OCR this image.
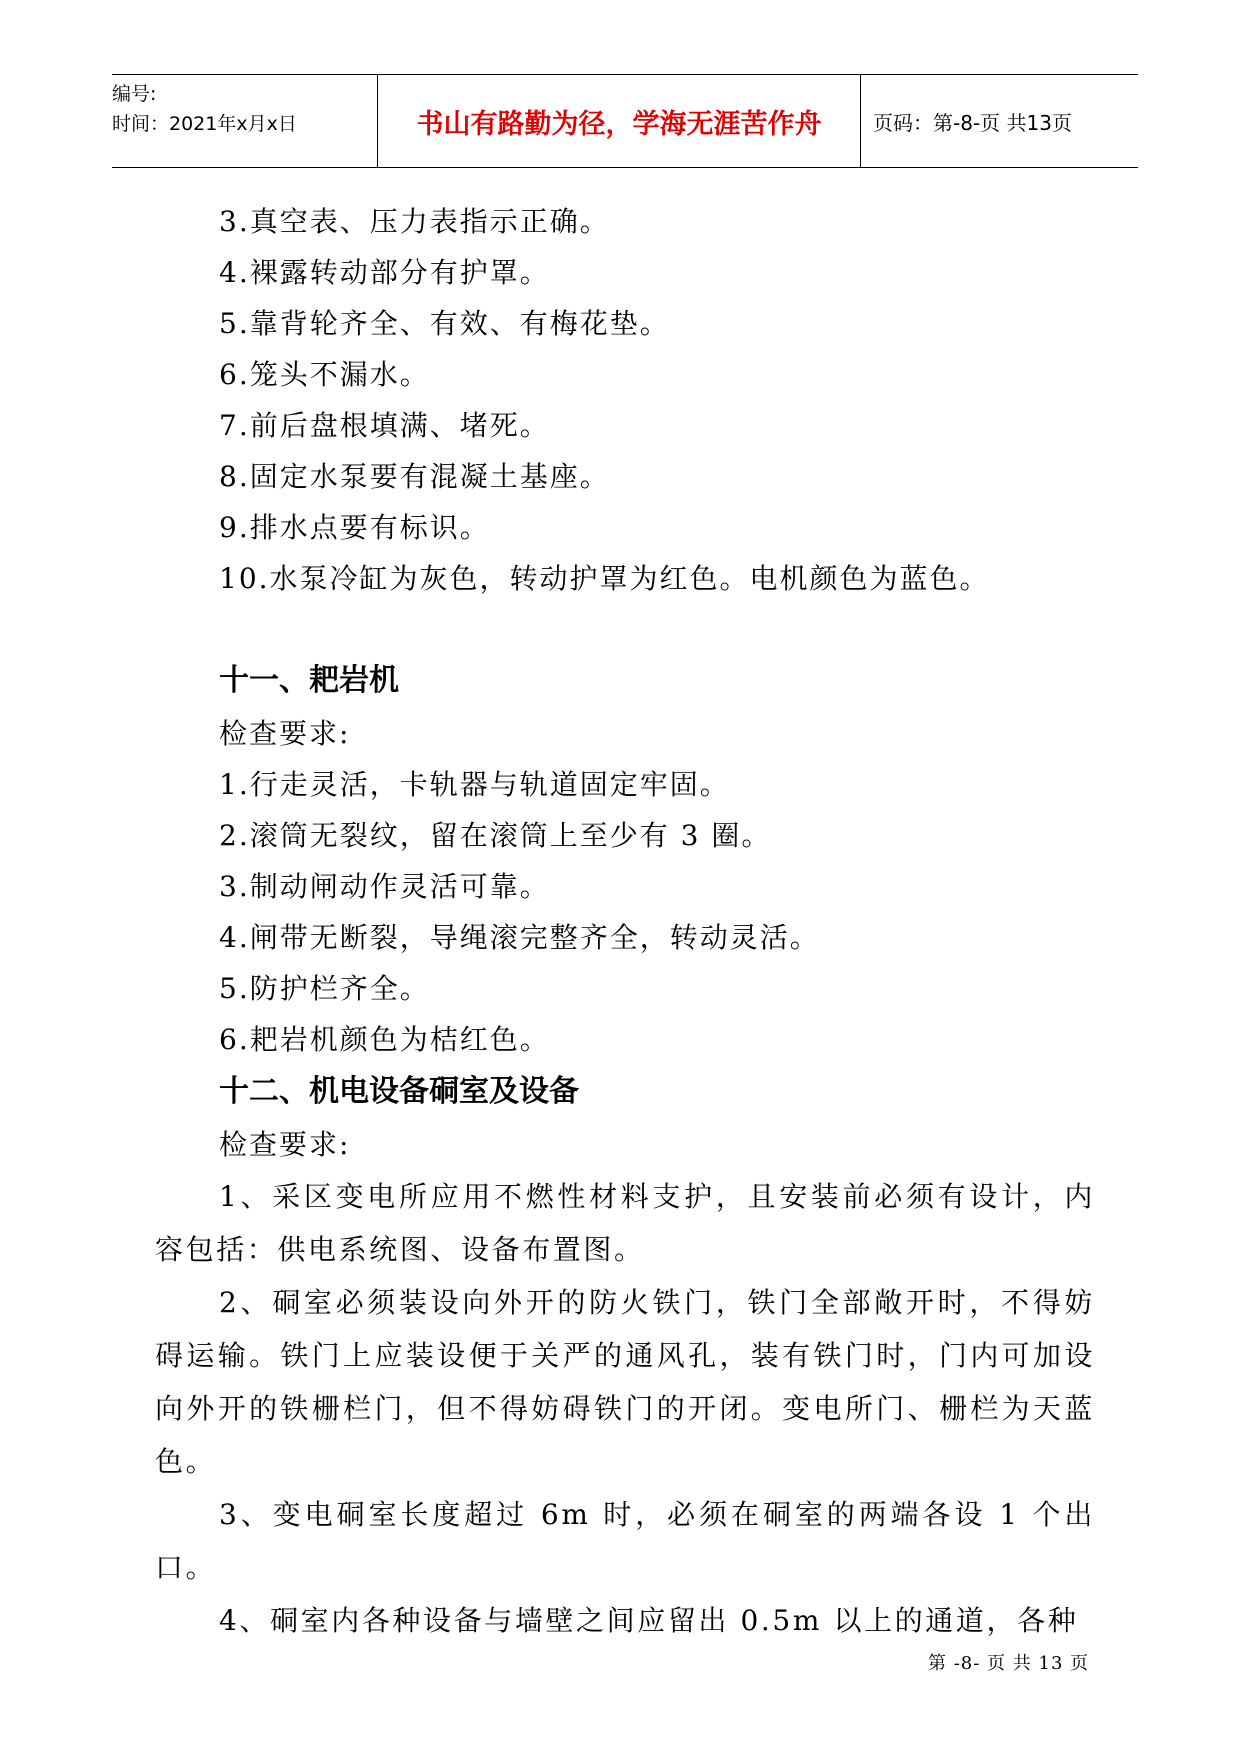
编号:
时间：2021年x月x日	书山有路勤为径，学海无涯苦作舟	页码：第-8-页 共13页
3.真空表、压力表指示正确。
4.裸露转动部分有护罩。
5.靠背轮齐全、有效、有梅花垫。
6.笼头不漏水。
7.前后盘根填满、堵死。
8.固定水泵要有混凝土基座。
9.排水点要有标识。
10.水泵冷缸为灰色，转动护罩为红色。电机颜色为蓝色。
十一、耙岩机
检查要求:
1.行走灵活，卡轨器与轨道固定牢固。
2.滚筒无裂纹，留在滚筒上至少有 3 圈。
3.制动闸动作灵活可靠。
4.闸带无断裂，导绳滚完整齐全，转动灵活。
5.防护栏齐全。
6.耙岩机颜色为桔红色。
十二、机电设备硐室及设备
检查要求:
1、采区变电所应用不燃性材料支护，且安装前必须有设计，内容包括：供电系统图、设备布置图。
2、硐室必须装设向外开的防火铁门，铁门全部敞开时，不得妨碍运输。铁门上应装设便于关严的通风孔，装有铁门时，门内可加设向外开的铁栅栏门，但不得妨碍铁门的开闭。变电所门、栅栏为天蓝色。
3、变电硐室长度超过 6m 时，必须在硐室的两端各设 1 个出口。
4、硐室内各种设备与墙壁之间应留出 0.5m 以上的通道，各种
第 -8- 页 共 13 页
